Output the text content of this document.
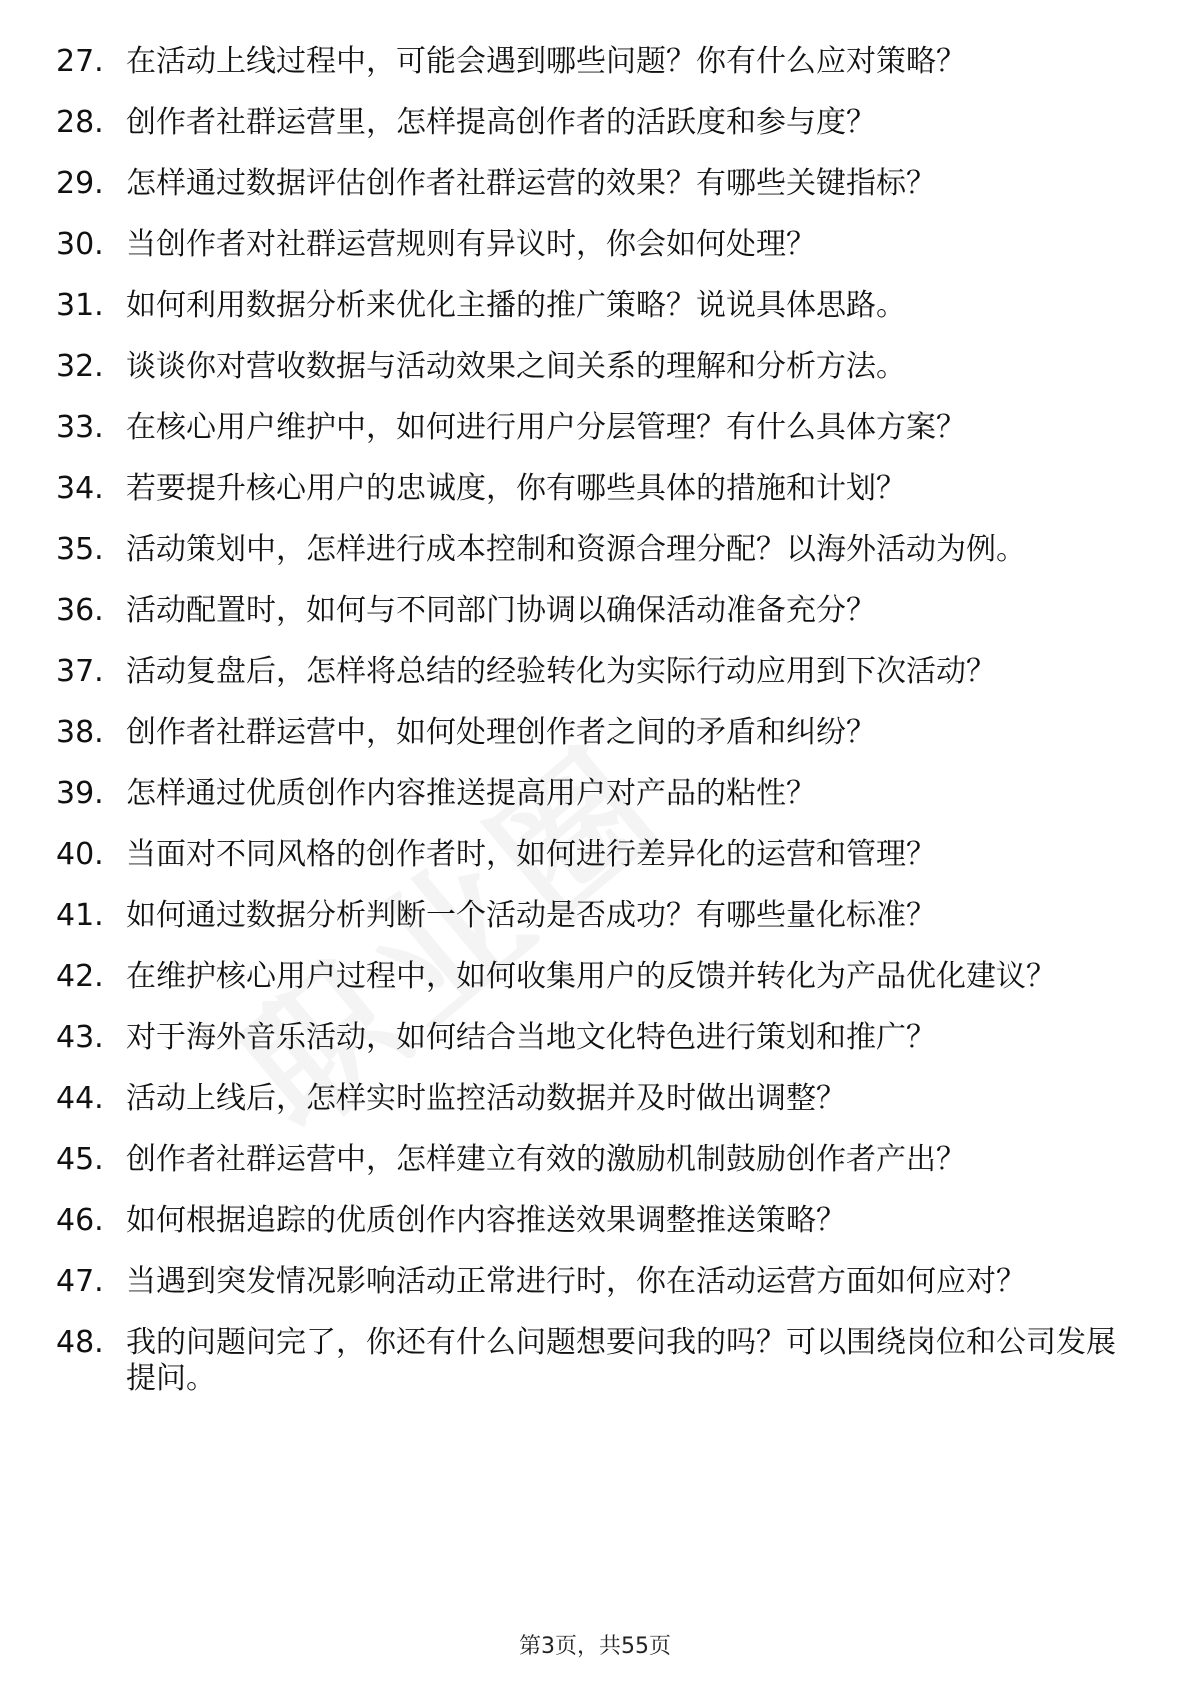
27. 在活动上线过程中，可能会遇到哪些问题？你有什么应对策略？
28. 创作者社群运营里，怎样提高创作者的活跃度和参与度？
29. 怎样通过数据评估创作者社群运营的效果？有哪些关键指标？
30. 当创作者对社群运营规则有异议时，你会如何处理？
31. 如何利用数据分析来优化主播的推广策略？说说具体思路。
32. 谈谈你对营收数据与活动效果之间关系的理解和分析方法。
33. 在核心用户维护中，如何进行用户分层管理？有什么具体方案？
34. 若要提升核心用户的忠诚度，你有哪些具体的措施和计划？
35. 活动策划中，怎样进行成本控制和资源合理分配？以海外活动为例。
36. 活动配置时，如何与不同部门协调以确保活动准备充分？
37. 活动复盘后，怎样将总结的经验转化为实际行动应用到下次活动？
38. 创作者社群运营中，如何处理创作者之间的矛盾和纠纷？
39. 怎样通过优质创作内容推送提高用户对产品的粘性？
40. 当面对不同风格的创作者时，如何进行差异化的运营和管理？
41. 如何通过数据分析判断一个活动是否成功？有哪些量化标准？
42. 在维护核心用户过程中，如何收集用户的反馈并转化为产品优化建议？
43. 对于海外音乐活动，如何结合当地文化特色进行策划和推广？
44. 活动上线后，怎样实时监控活动数据并及时做出调整？
45. 创作者社群运营中，怎样建立有效的激励机制鼓励创作者产出？
46. 如何根据追踪的优质创作内容推送效果调整推送策略？
47. 当遇到突发情况影响活动正常进行时，你在活动运营方面如何应对？
48. 我的问题问完了，你还有什么问题想要问我的吗？可以围绕岗位和公司发展提问。
第3页，共55页
